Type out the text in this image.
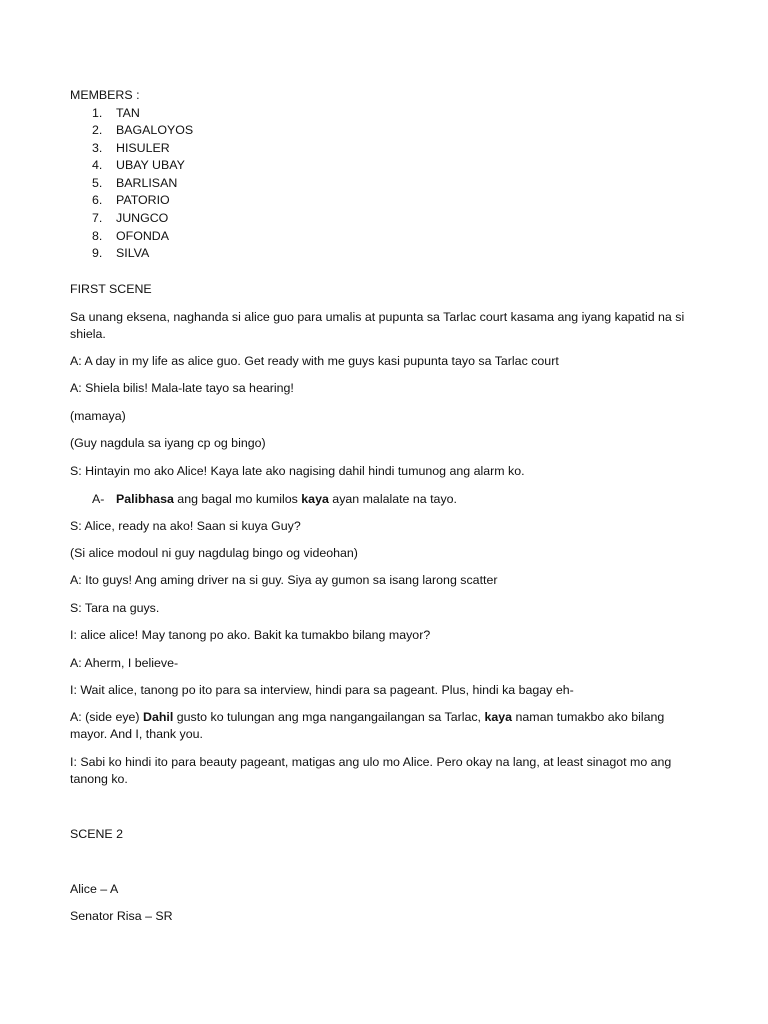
MEMBERS :

1. TAN
2. BAGALOYOS
3. HISULER
4. UBAY UBAY
5. BARLISAN
6. PATORIO
7. JUNGCO
8. OFONDA
9. SILVA

FIRST SCENE

Sa unang eksena, naghanda si alice guo para umalis at pupunta sa Tarlac court kasama ang iyang kapatid na si shiela.

A: A day in my life as alice guo. Get ready with me guys kasi pupunta tayo sa Tarlac court

A: Shiela bilis! Mala-late tayo sa hearing!

(mamaya)

(Guy nagdula sa iyang cp og bingo)

S: Hintayin mo ako Alice! Kaya late ako nagising dahil hindi tumunog ang alarm ko.

A- Palibhasa ang bagal mo kumilos kaya ayan malalate na tayo.

S: Alice, ready na ako! Saan si kuya Guy?

(Si alice modoul ni guy nagdulag bingo og videohan)

A: Ito guys! Ang aming driver na si guy. Siya ay gumon sa isang larong scatter

S: Tara na guys.

I: alice alice! May tanong po ako. Bakit ka tumakbo bilang mayor?

A: Aherm, I believe-

I: Wait alice, tanong po ito para sa interview, hindi para sa pageant. Plus, hindi ka bagay eh-

A: (side eye) Dahil gusto ko tulungan ang mga nangangailangan sa Tarlac, kaya naman tumakbo ako bilang mayor. And I, thank you.

I: Sabi ko hindi ito para beauty pageant, matigas ang ulo mo Alice. Pero okay na lang, at least sinagot mo ang tanong ko.

SCENE 2

Alice – A

Senator Risa – SR
